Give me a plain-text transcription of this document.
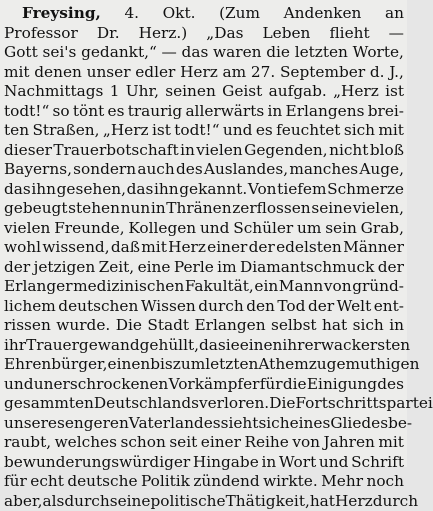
Freysing, 4. Okt. (Zum Andenken an
Professor Dr. Herz.) „Das Leben flieht —
Gott sei's gedankt,“ — das waren die letzten Worte,
mit denen unser edler Herz am 27. September d. J.,
Nachmittags 1 Uhr, seinen Geist aufgab. „Herz ist
todt!“ so tönt es traurig allerwärts in Erlangens brei-
ten Straßen, „Herz ist todt!“ und es feuchtet sich mit
dieser Trauerbotschaft in vielen Gegenden, nicht bloß
Bayerns, sondern auch des Auslandes, manches Auge,
das ihn gesehen, das ihn gekannt. Von tiefem Schmerze
gebeugt stehen nun in Thränen zerflossen seine vielen,
vielen Freunde, Kollegen und Schüler um sein Grab,
wohl wissend, daß mit Herz einer der edelsten Männer
der jetzigen Zeit, eine Perle im Diamantschmuck der
Erlanger medizinischen Fakultät, ein Mann von gründ-
lichem deutschen Wissen durch den Tod der Welt ent-
rissen wurde. Die Stadt Erlangen selbst hat sich in
ihr Trauergewand gehüllt, da sie einen ihrer wackersten
Ehrenbürger, einen bis zum letzten Athemzuge muthigen
und unerschrockenen Vorkämpfer für die Einigung des
gesammten Deutschlands verloren. Die Fortschrittspartei
unseres engeren Vaterlandes sieht sich eines Gliedes be-
raubt, welches schon seit einer Reihe von Jahren mit
bewunderungswürdiger Hingabe in Wort und Schrift
für echt deutsche Politik zündend wirkte. Mehr noch
aber, als durch seine politische Thätigkeit, hat Herz durch
